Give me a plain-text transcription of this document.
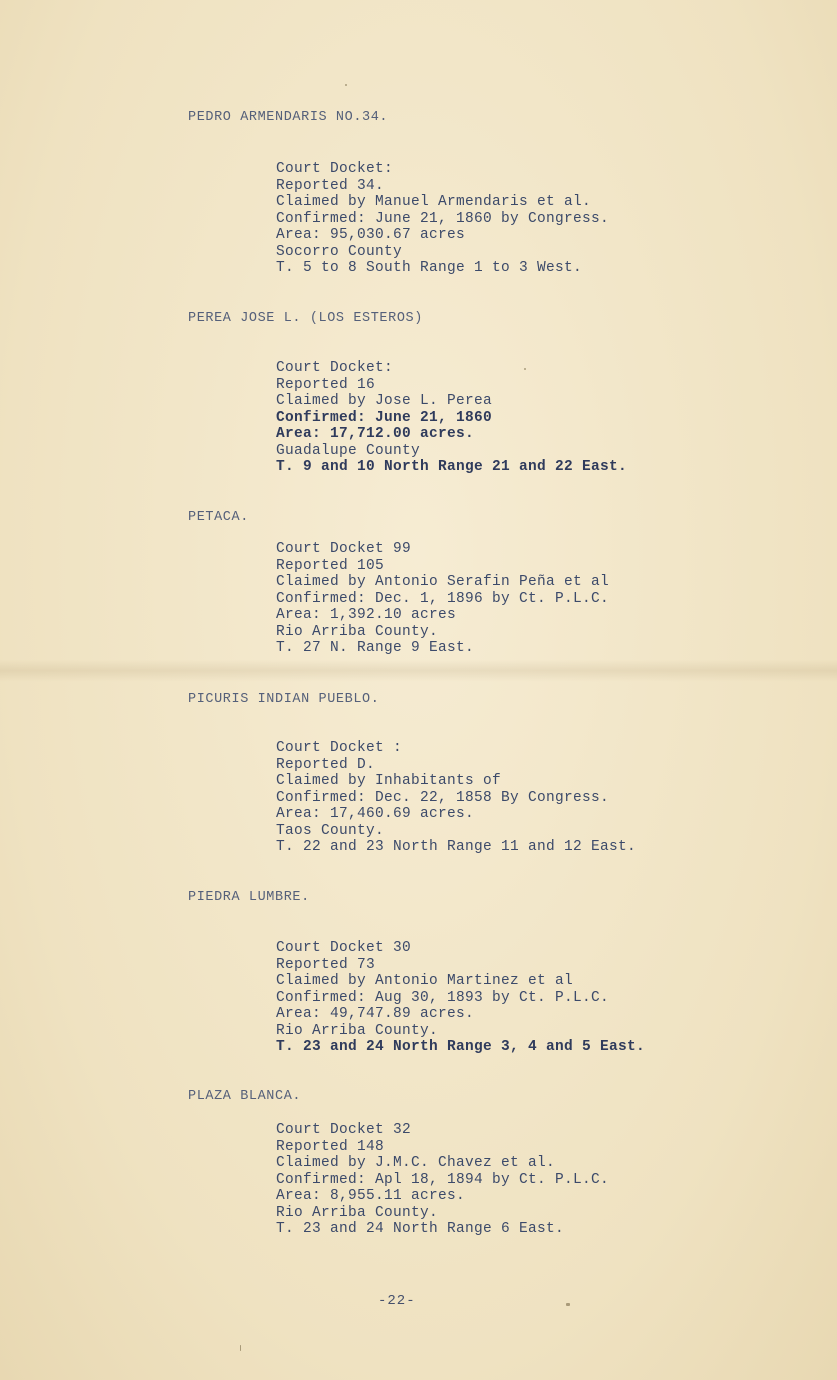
PEDRO ARMENDARIS NO.34.
Court Docket:
Reported 34.
Claimed by Manuel Armendaris et al.
Confirmed: June 21, 1860 by Congress.
Area: 95,030.67 acres
Socorro County
T. 5 to 8 South Range 1 to 3 West.
PEREA JOSE L. (LOS ESTEROS)
Court Docket:
Reported 16
Claimed by Jose L. Perea
Confirmed: June 21, 1860
Area: 17,712.00 acres.
Guadalupe County
T. 9 and 10 North Range 21 and 22 East.
PETACA.
Court Docket 99
Reported 105
Claimed by Antonio Serafin Peña et al
Confirmed: Dec. 1, 1896 by Ct. P.L.C.
Area: 1,392.10 acres
Rio Arriba County.
T. 27 N. Range 9 East.
PICURIS INDIAN PUEBLO.
Court Docket :
Reported D.
Claimed by Inhabitants of
Confirmed: Dec. 22, 1858 By Congress.
Area: 17,460.69 acres.
Taos County.
T. 22 and 23 North Range 11 and 12 East.
PIEDRA LUMBRE.
Court Docket 30
Reported 73
Claimed by Antonio Martinez et al
Confirmed: Aug 30, 1893 by Ct. P.L.C.
Area: 49,747.89 acres.
Rio Arriba County.
T. 23 and 24 North Range 3, 4 and 5 East.
PLAZA BLANCA.
Court Docket 32
Reported 148
Claimed by J.M.C. Chavez et al.
Confirmed: Apl 18, 1894 by Ct. P.L.C.
Area: 8,955.11 acres.
Rio Arriba County.
T. 23 and 24 North Range 6 East.
-22-
